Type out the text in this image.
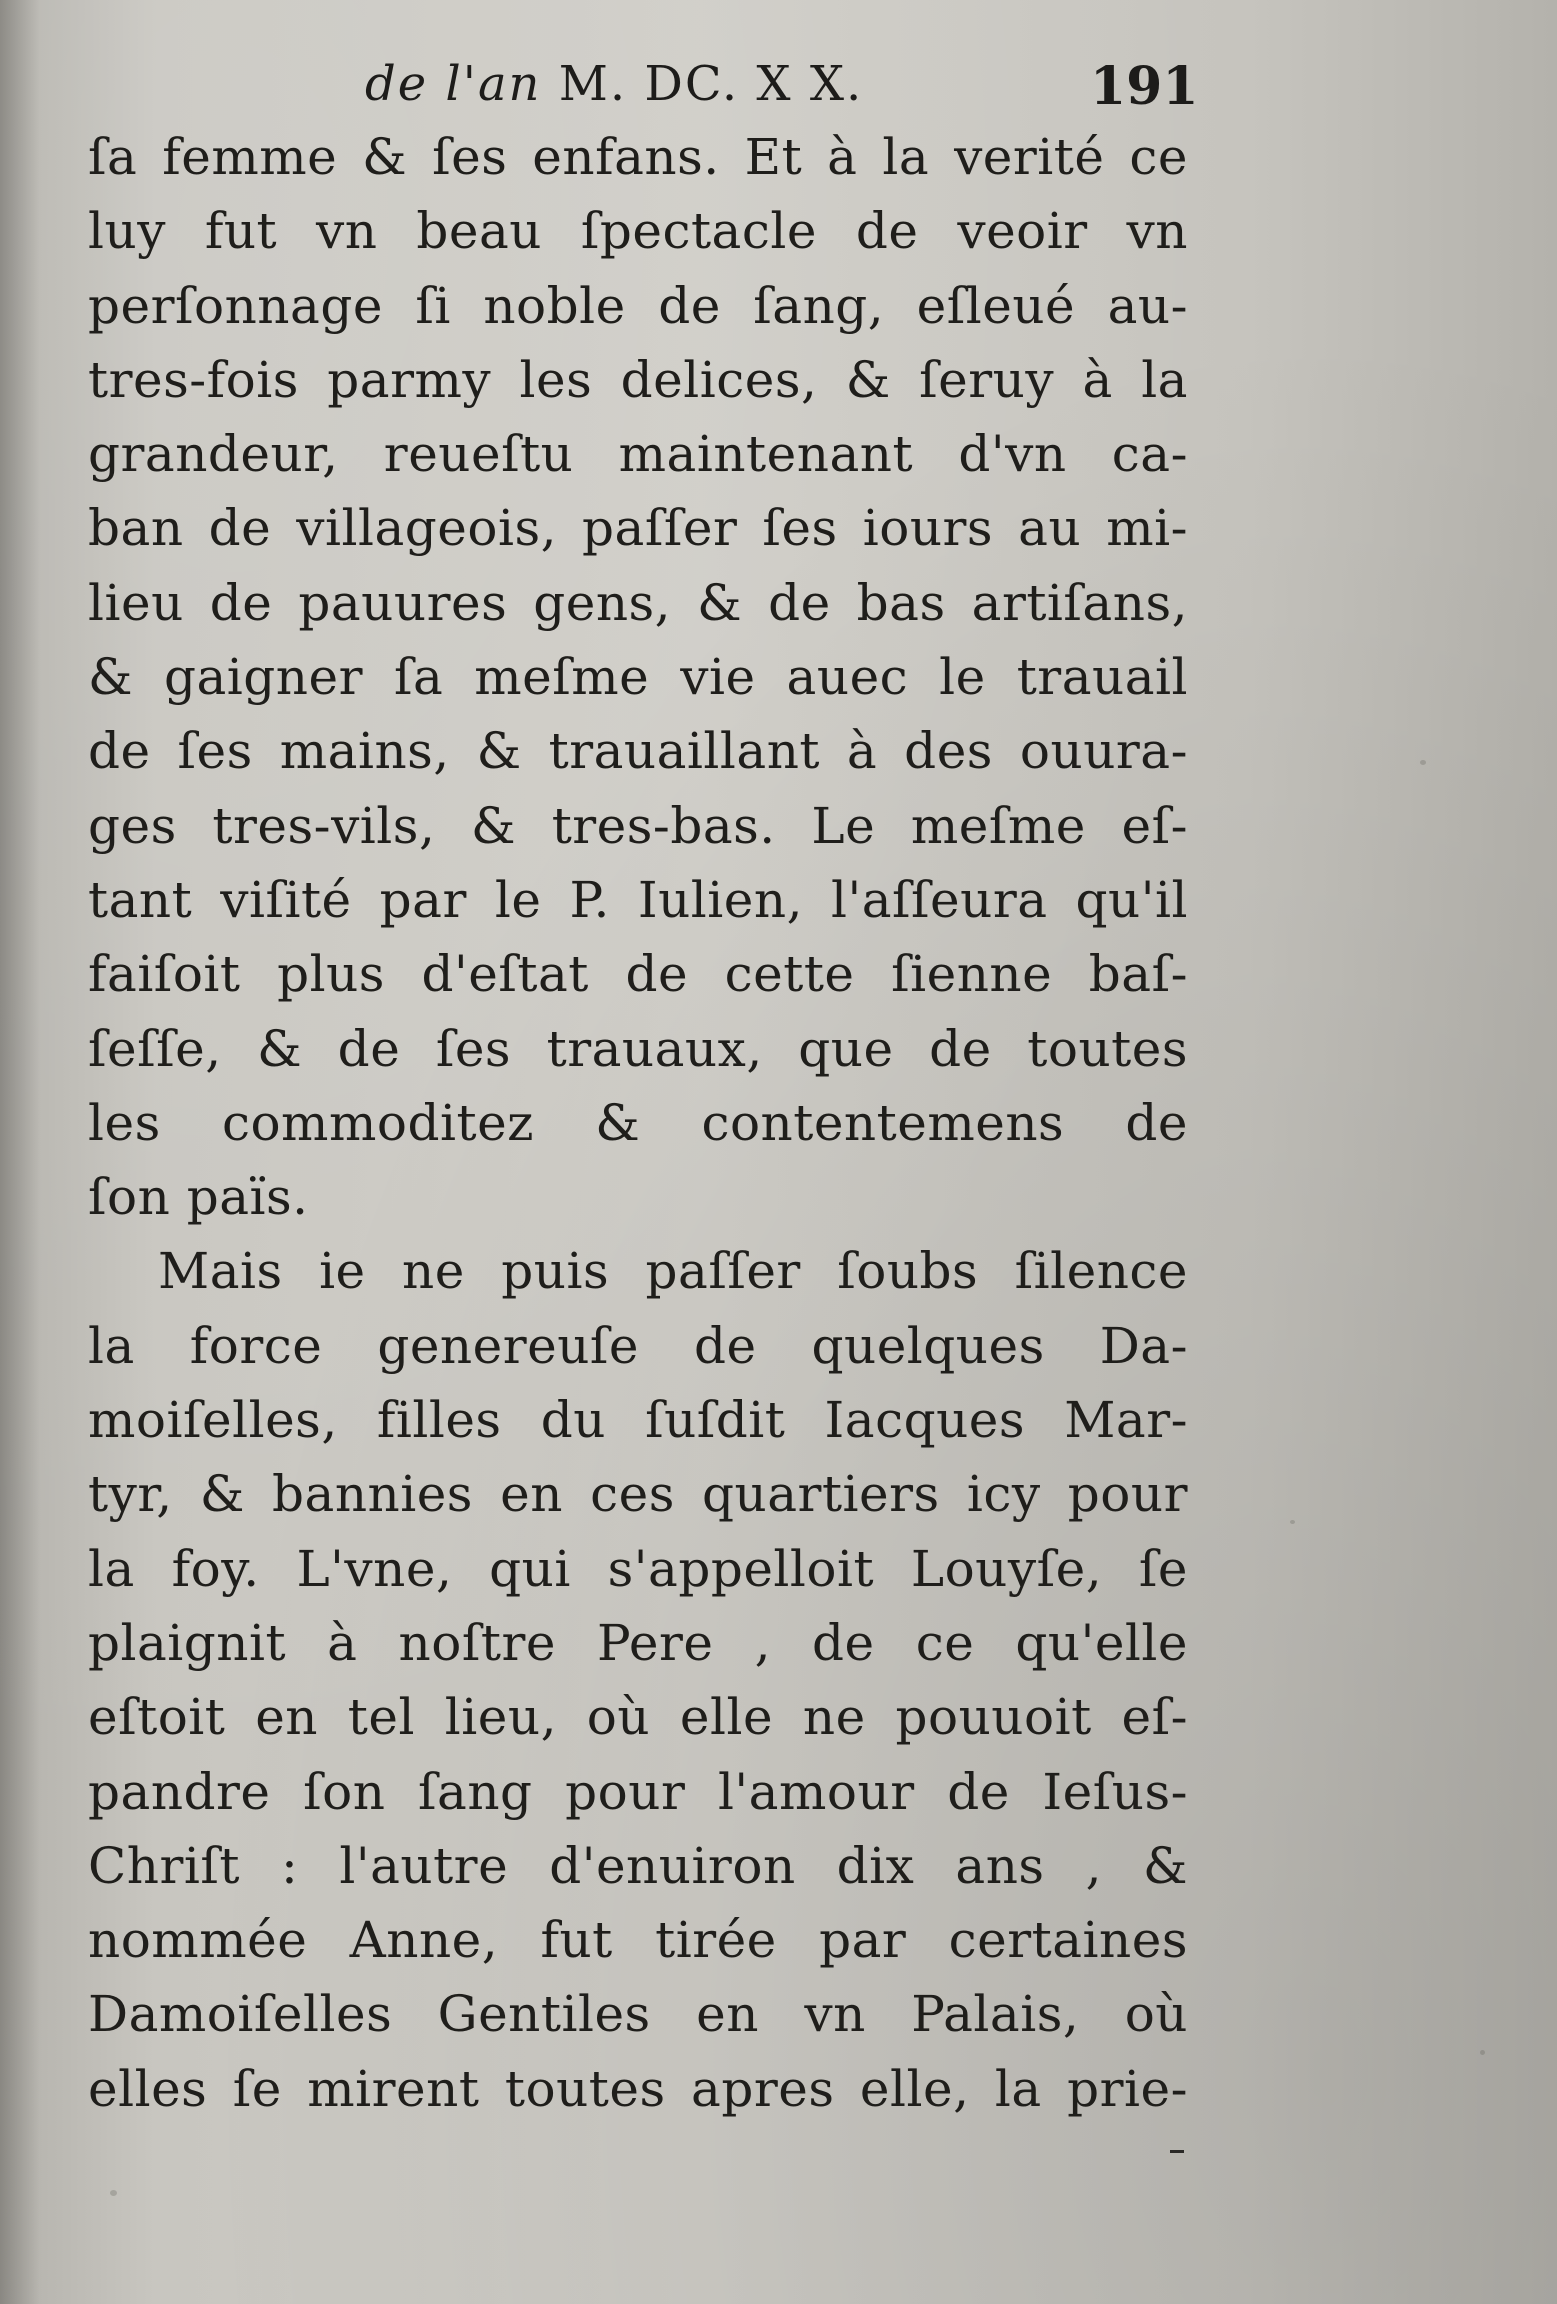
de l'an M. DC. X X.	191
ſa femme & ſes enfans. Et à la verité ce
luy fut vn beau ſpectacle de veoir vn
perſonnage ſi noble de ſang, eſleué au-
tres-fois parmy les delices, & ſeruy à la
grandeur, reueſtu maintenant d'vn ca-
ban de villageois, paſſer ſes iours au mi-
lieu de pauures gens, & de bas artiſans,
& gaigner ſa meſme vie auec le trauail
de ſes mains, & trauaillant à des ouura-
ges tres-vils, & tres-bas. Le meſme eſ-
tant viſité par le P. Iulien, l'aſſeura qu'il
faiſoit plus d'eſtat de cette ſienne baſ-
ſeſſe, & de ſes trauaux, que de toutes
les commoditez & contentemens de
ſon païs.
Mais ie ne puis paſſer ſoubs ſilence
la force genereuſe de quelques Da-
moiſelles, filles du ſuſdit Iacques Mar-
tyr, & bannies en ces quartiers icy pour
la foy. L'vne, qui s'appelloit Louyſe, ſe
plaignit à noſtre Pere , de ce qu'elle
eſtoit en tel lieu, où elle ne pouuoit eſ-
pandre ſon ſang pour l'amour de Ieſus-
Chriſt : l'autre d'enuiron dix ans , &
nommée Anne, fut tirée par certaines
Damoiſelles Gentiles en vn Palais, où
elles ſe mirent toutes apres elle, la prie-
